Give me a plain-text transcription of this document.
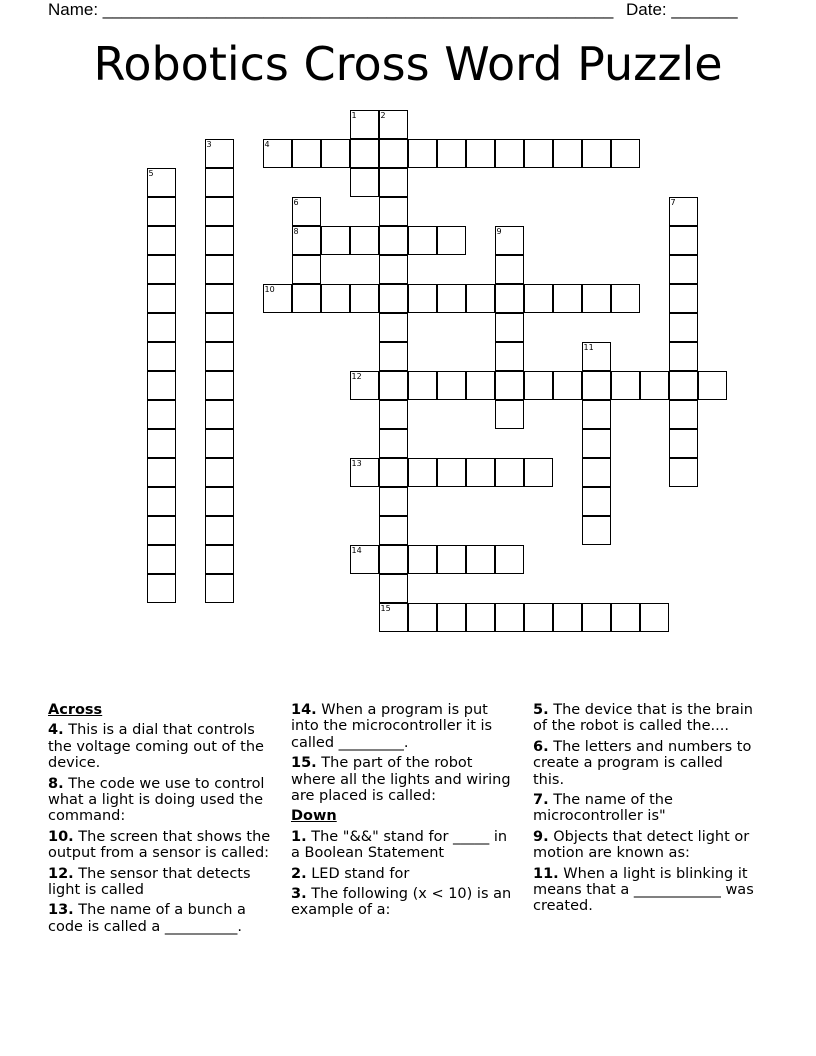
Name: ______________________________________________________ Date: _______
Robotics Cross Word Puzzle
1	2
15
3	4
5
6
8
7
9
10
11
12
13
14
Across
4. This is a dial that controls the voltage coming out of the device.
8. The code we use to control what a light is doing used the command:
10. The screen that shows the output from a sensor is called:
12. The sensor that detects light is called
13. The name of a bunch a code is called a __________.
14. When a program is put into the microcontroller it is called _________.
15. The part of the robot where all the lights and wiring are placed is called:
Down
1. The "&&" stand for _____ in a Boolean Statement
2. LED stand for
3. The following (x < 10) is an example of a:
5. The device that is the brain of the robot is called the....
6. The letters and numbers to create a program is called this.
7. The name of the microcontroller is"
9. Objects that detect light or motion are known as:
11. When a light is blinking it means that a ____________ was created.
